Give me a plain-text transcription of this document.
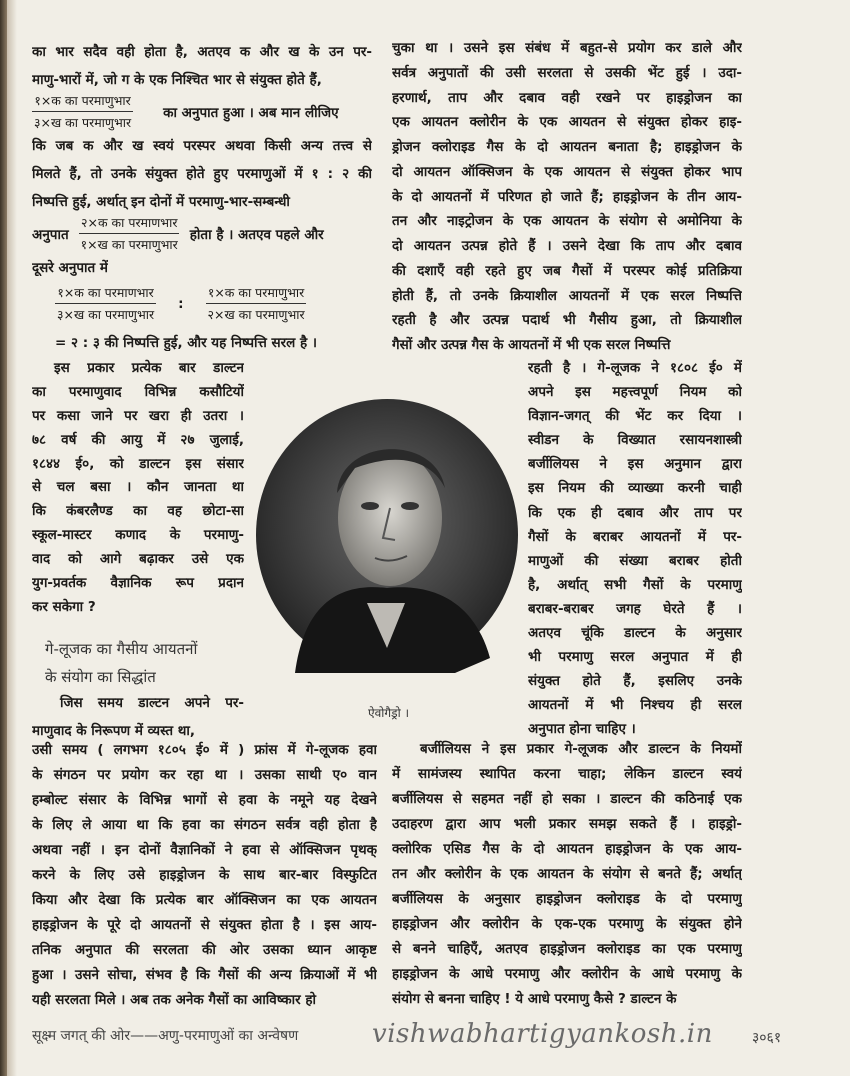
का भार सदैव वही होता है, अतएव क और ख के उन पर-
माणु-भारों में, जो ग के एक निश्चित भार से संयुक्त होते हैं,
$\frac{\text{१×क का परमाणुभार}}{\text{३×ख का परमाणुभार}}$ का अनुपात हुआ । अब मान लीजिए
कि जब क और ख स्वयं परस्पर अथवा किसी अन्य तत्त्व से
मिलते हैं, तो उनके संयुक्त होते हुए परमाणुओं में १ : २ की
निष्पत्ति हुई, अर्थात् इन दोनों में परमाणु-भार-सम्बन्धी
अनुपात $\frac{\text{२×क का परमाणभार}}{\text{१×ख का परमाणुभार}}$ होता है । अतएव पहले और
दूसरे अनुपात में
$\frac{\text{१×क का परमाणभार}}{\text{३×ख का परमाणुभार}}$ : $\frac{\text{१×क का परमाणुभार}}{\text{२×ख का परमाणुभार}}$
= २ : ३ की निष्पत्ति हुई, और यह निष्पत्ति सरल है ।
इस प्रकार प्रत्येक बार डाल्टन
का परमाणुवाद विभिन्न कसौटियों
पर कसा जाने पर खरा ही उतरा ।
७८ वर्ष की आयु में २७ जुलाई,
१८४४ ई०, को डाल्टन इस संसार
से चल बसा । कौन जानता था
कि कंबरलैण्ड का वह छोटा-सा
स्कूल-मास्टर कणाद के परमाणु-
वाद को आगे बढ़ाकर उसे एक
युग-प्रवर्तक वैज्ञानिक रूप प्रदान
कर सकेगा ?
गे-लूजक का गैसीय आयतनों
के संयोग का सिद्धांत
जिस समय डाल्टन अपने पर-
माणुवाद के निरूपण में व्यस्त था,
उसी समय ( लगभग १८०५ ई० में ) फ्रांस में गे-लूजक हवा
के संगठन पर प्रयोग कर रहा था । उसका साथी ए० वान
हम्बोल्ट संसार के विभिन्न भागों से हवा के नमूने यह देखने
के लिए ले आया था कि हवा का संगठन सर्वत्र वही होता है
अथवा नहीं । इन दोनों वैज्ञानिकों ने हवा से ऑक्सिजन पृथक्
करने के लिए उसे हाइड्रोजन के साथ बार-बार विस्फुटित
किया और देखा कि प्रत्येक बार ऑक्सिजन का एक आयतन
हाइड्रोजन के पूरे दो आयतनों से संयुक्त होता है । इस आय-
तनिक अनुपात की सरलता की ओर उसका ध्यान आकृष्ट
हुआ । उसने सोचा, संभव है कि गैसों की अन्य क्रियाओं में भी
यही सरलता मिले । अब तक अनेक गैसों का आविष्कार हो
चुका था । उसने इस संबंध में बहुत-से प्रयोग कर डाले और
सर्वत्र अनुपातों की उसी सरलता से उसकी भेंट हुई । उदा-
हरणार्थ, ताप और दबाव वही रखने पर हाइड्रोजन का
एक आयतन क्लोरीन के एक आयतन से संयुक्त होकर हाइ-
ड्रोजन क्लोराइड गैस के दो आयतन बनाता है; हाइड्रोजन के
दो आयतन ऑक्सिजन के एक आयतन से संयुक्त होकर भाप
के दो आयतनों में परिणत हो जाते हैं; हाइड्रोजन के तीन आय-
तन और नाइट्रोजन के एक आयतन के संयोग से अमोनिया के
दो आयतन उत्पन्न होते हैं । उसने देखा कि ताप और दबाव
की दशाएँ वही रहते हुए जब गैसों में परस्पर कोई प्रतिक्रिया
होती हैं, तो उनके क्रियाशील आयतनों में एक सरल निष्पत्ति
रहती है और उत्पन्न पदार्थ भी गैसीय हुआ, तो क्रियाशील
गैसों और उत्पन्न गैस के आयतनों में भी एक सरल निष्पत्ति
रहती है । गे-लूजक ने १८०८ ई० में
अपने इस महत्त्वपूर्ण नियम को
विज्ञान-जगत् की भेंट कर दिया ।
स्वीडन के विख्यात रसायनशास्त्री
बर्जीलियस ने इस अनुमान द्वारा
इस नियम की व्याख्या करनी चाही
कि एक ही दबाव और ताप पर
गैसों के बराबर आयतनों में पर-
माणुओं की संख्या बराबर होती
है, अर्थात् सभी गैसों के परमाणु
बराबर-बराबर जगह घेरते हैं ।
अतएव चूंकि डाल्टन के अनुसार
भी परमाणु सरल अनुपात में ही
संयुक्त होते हैं, इसलिए उनके
आयतनों में भी निश्चय ही सरल
अनुपात होना चाहिए ।
बर्जीलियस ने इस प्रकार गे-लूजक और डाल्टन के नियमों
में सामंजस्य स्थापित करना चाहा; लेकिन डाल्टन स्वयं
बर्जीलियस से सहमत नहीं हो सका । डाल्टन की कठिनाई एक
उदाहरण द्वारा आप भली प्रकार समझ सकते हैं । हाइड्रो-
क्लोरिक एसिड गैस के दो आयतन हाइड्रोजन के एक आय-
तन और क्लोरीन के एक आयतन के संयोग से बनते हैं; अर्थात्
बर्जीलियस के अनुसार हाइड्रोजन क्लोराइड के दो परमाणु
हाइड्रोजन और क्लोरीन के एक-एक परमाणु के संयुक्त होने
से बनने चाहिएँ, अतएव हाइड्रोजन क्लोराइड का एक परमाणु
हाइड्रोजन के आधे परमाणु और क्लोरीन के आधे परमाणु के
संयोग से बनना चाहिए ! ये आधे परमाणु कैसे ? डाल्टन के
ऐवोगैड्रो ।
सूक्ष्म जगत् की ओर——अणु-परमाणुओं का अन्वेषण	vishwabhartigyankosh.in	३०६१
